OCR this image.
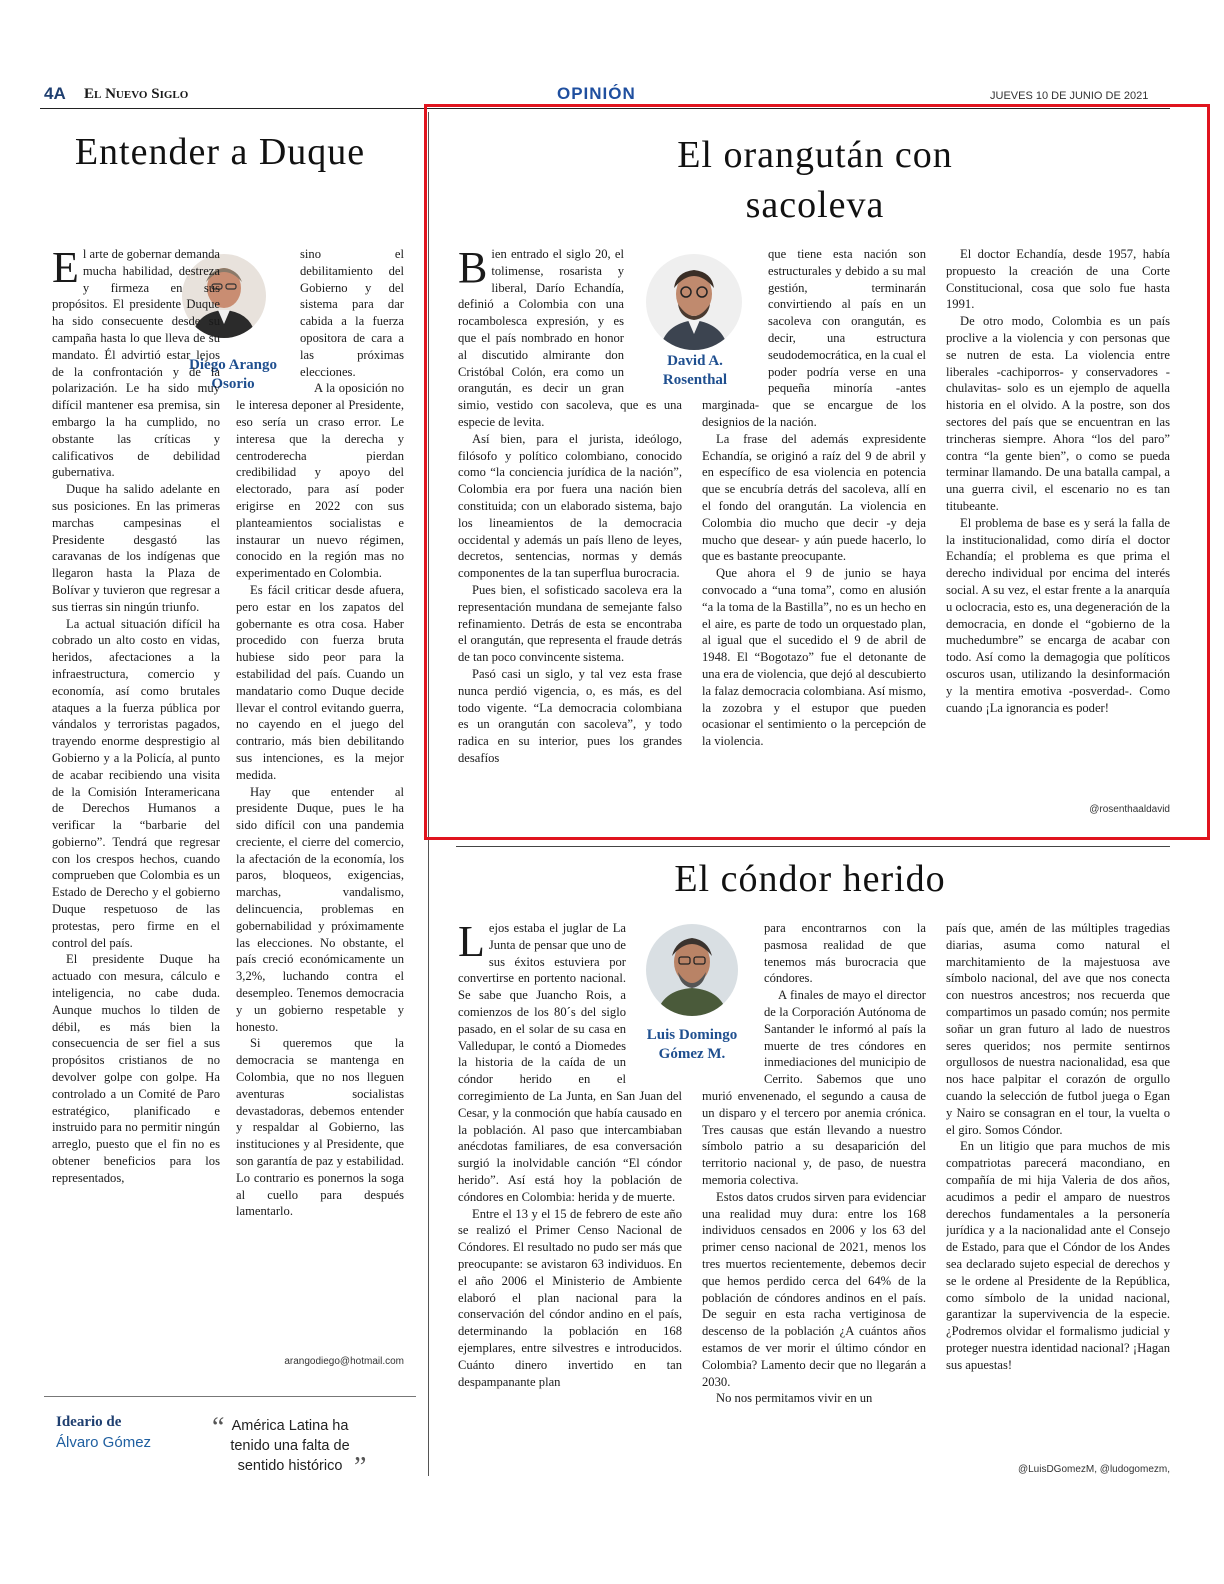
4A El Nuevo Siglo	OPINIÓN	JUEVES 10 DE JUNIO DE 2021
Entender a Duque
Diego Arango Osorio

El arte de gobernar demanda mucha habilidad, destreza y firmeza en sus propósitos. El presidente Duque ha sido consecuente desde su campaña hasta lo que lleva de su mandato. Él advirtió estar lejos de la confrontación y de la polarización. Le ha sido muy difícil mantener esa premisa, sin embargo la ha cumplido, no obstante las críticas y calificativos de debilidad gubernativa.

Duque ha salido adelante en sus posiciones. En las primeras marchas campesinas el Presidente desgastó las caravanas de los indígenas que llegaron hasta la Plaza de Bolívar y tuvieron que regresar a sus tierras sin ningún triunfo.

La actual situación difícil ha cobrado un alto costo en vidas, heridos, afectaciones a la infraestructura, comercio y economía, así como brutales ataques a la fuerza pública por vándalos y terroristas pagados, trayendo enorme desprestigio al Gobierno y a la Policía, al punto de acabar recibiendo una visita de la Comisión Interamericana de Derechos Humanos a verificar la “barbarie del gobierno”. Tendrá que regresar con los crespos hechos, cuando comprueben que Colombia es un Estado de Derecho y el gobierno Duque respetuoso de las protestas, pero firme en el control del país.

El presidente Duque ha actuado con mesura, cálculo e inteligencia, no cabe duda. Aunque muchos lo tilden de débil, es más bien la consecuencia de ser fiel a sus propósitos cristianos de no devolver golpe con golpe. Ha controlado a un Comité de Paro estratégico, planificado e instruido para no permitir ningún arreglo, puesto que el fin no es obtener beneficios para los representados,

sino el debilitamiento del Gobierno y del sistema para dar cabida a la fuerza opositora de cara a las próximas elecciones.

A la oposición no le interesa deponer al Presidente, eso sería un craso error. Le interesa que la derecha y centroderecha pierdan credibilidad y apoyo del electorado, para así poder erigirse en 2022 con sus planteamientos socialistas e instaurar un nuevo régimen, conocido en la región mas no experimentado en Colombia.

Es fácil criticar desde afuera, pero estar en los zapatos del gobernante es otra cosa. Haber procedido con fuerza bruta hubiese sido peor para la estabilidad del país. Cuando un mandatario como Duque decide llevar el control evitando guerra, no cayendo en el juego del contrario, más bien debilitando sus intenciones, es la mejor medida.

Hay que entender al presidente Duque, pues le ha sido difícil con una pandemia creciente, el cierre del comercio, la afectación de la economía, los paros, bloqueos, exigencias, marchas, vandalismo, delincuencia, problemas en gobernabilidad y próximamente las elecciones. No obstante, el país creció económicamente un 3,2%, luchando contra el desempleo. Tenemos democracia y un gobierno respetable y honesto.

Si queremos que la democracia se mantenga en Colombia, que no nos lleguen aventuras socialistas devastadoras, debemos entender y respaldar al Gobierno, las instituciones y al Presidente, que son garantía de paz y estabilidad. Lo contrario es ponernos la soga al cuello para después lamentarlo.

arangodiego@hotmail.com
Ideario de
Álvaro Gómez “ América Latina ha tenido una falta de sentido histórico ”
El orangután con sacoleva
David A. Rosenthal

Bien entrado el siglo 20, el tolimense, rosarista y liberal, Darío Echandía, definió a Colombia con una rocambolesca expresión, y es que el país nombrado en honor al discutido almirante don Cristóbal Colón, era como un orangután, es decir un gran simio, vestido con sacoleva, que es una especie de levita.

Así bien, para el jurista, ideólogo, filósofo y político colombiano, conocido como “la conciencia jurídica de la nación”, Colombia era por fuera una nación bien constituida; con un elaborado sistema, bajo los lineamientos de la democracia occidental y además un país lleno de leyes, decretos, sentencias, normas y demás componentes de la tan superflua burocracia.

Pues bien, el sofisticado sacoleva era la representación mundana de semejante falso refinamiento. Detrás de esta se encontraba el orangután, que representa el fraude detrás de tan poco convincente sistema.

Pasó casi un siglo, y tal vez esta frase nunca perdió vigencia, o, es más, es del todo vigente. “La democracia colombiana es un orangután con sacoleva”, y todo radica en su interior, pues los grandes desafíos

que tiene esta nación son estructurales y debido a su mal gestión, terminarán convirtiendo al país en un sacoleva con orangután, es decir, una estructura seudodemocrática, en la cual el poder podría verse en una pequeña minoría -antes marginada- que se encargue de los designios de la nación.

La frase del además expresidente Echandía, se originó a raíz del 9 de abril y en específico de esa violencia en potencia que se encubría detrás del sacoleva, allí en el fondo del orangután. La violencia en Colombia dio mucho que decir -y deja mucho que desear- y aún puede hacerlo, lo que es bastante preocupante.

Que ahora el 9 de junio se haya convocado a “una toma”, como en alusión “a la toma de la Bastilla”, no es un hecho en el aire, es parte de todo un orquestado plan, al igual que el sucedido el 9 de abril de 1948. El “Bogotazo” fue el detonante de una era de violencia, que dejó al descubierto la falaz democracia colombiana. Así mismo, la zozobra y el estupor que pueden ocasionar el sentimiento o la percepción de la violencia.

El doctor Echandía, desde 1957, había propuesto la creación de una Corte Constitucional, cosa que solo fue hasta 1991.

De otro modo, Colombia es un país proclive a la violencia y con personas que se nutren de esta. La violencia entre liberales -cachiporros- y conservadores -chulavitas- solo es un ejemplo de aquella historia en el olvido. A la postre, son dos sectores del país que se encuentran en las trincheras siempre. Ahora “los del paro” contra “la gente bien”, o como se pueda terminar llamando. De una batalla campal, a una guerra civil, el escenario no es tan titubeante.

El problema de base es y será la falla de la institucionalidad, como diría el doctor Echandía; el problema es que prima el derecho individual por encima del interés social. A su vez, el estar frente a la anarquía u oclocracia, esto es, una degeneración de la democracia, en donde el “gobierno de la muchedumbre” se encarga de acabar con todo. Así como la demagogia que políticos oscuros usan, utilizando la desinformación y la mentira emotiva -posverdad-. Como cuando ¡La ignorancia es poder!

@rosenthaaldavid
El cóndor herido
Luis Domingo Gómez M.

Lejos estaba el juglar de La Junta de pensar que uno de sus éxitos estuviera por convertirse en portento nacional. Se sabe que Juancho Rois, a comienzos de los 80´s del siglo pasado, en el solar de su casa en Valledupar, le contó a Diomedes la historia de la caída de un cóndor herido en el corregimiento de La Junta, en San Juan del Cesar, y la conmoción que había causado en la población. Al paso que intercambiaban anécdotas familiares, de esa conversación surgió la inolvidable canción “El cóndor herido”. Así está hoy la población de cóndores en Colombia: herida y de muerte.

Entre el 13 y el 15 de febrero de este año se realizó el Primer Censo Nacional de Cóndores. El resultado no pudo ser más que preocupante: se avistaron 63 individuos. En el año 2006 el Ministerio de Ambiente elaboró el plan nacional para la conservación del cóndor andino en el país, determinando la población en 168 ejemplares, entre silvestres e introducidos. Cuánto dinero invertido en tan despampanante plan

para encontrarnos con la pasmosa realidad de que tenemos más burocracia que cóndores.

A finales de mayo el director de la Corporación Autónoma de Santander le informó al país la muerte de tres cóndores en inmediaciones del municipio de Cerrito. Sabemos que uno murió envenenado, el segundo a causa de un disparo y el tercero por anemia crónica. Tres causas que están llevando a nuestro símbolo patrio a su desaparición del territorio nacional y, de paso, de nuestra memoria colectiva.

Estos datos crudos sirven para evidenciar una realidad muy dura: entre los 168 individuos censados en 2006 y los 63 del primer censo nacional de 2021, menos los tres muertos recientemente, debemos decir que hemos perdido cerca del 64% de la población de cóndores andinos en el país. De seguir en esta racha vertiginosa de descenso de la población ¿A cuántos años estamos de ver morir el último cóndor en Colombia? Lamento decir que no llegarán a 2030.

No nos permitamos vivir en un

país que, amén de las múltiples tragedias diarias, asuma como natural el marchitamiento de la majestuosa ave símbolo nacional, del ave que nos conecta con nuestros ancestros; nos recuerda que compartimos un pasado común; nos permite soñar un gran futuro al lado de nuestros seres queridos; nos permite sentirnos orgullosos de nuestra nacionalidad, esa que nos hace palpitar el corazón de orgullo cuando la selección de futbol juega o Egan y Nairo se consagran en el tour, la vuelta o el giro. Somos Cóndor.

En un litigio que para muchos de mis compatriotas parecerá macondiano, en compañía de mi hija Valeria de dos años, acudimos a pedir el amparo de nuestros derechos fundamentales a la personería jurídica y a la nacionalidad ante el Consejo de Estado, para que el Cóndor de los Andes sea declarado sujeto especial de derechos y se le ordene al Presidente de la República, como símbolo de la unidad nacional, garantizar la supervivencia de la especie. ¿Podremos olvidar el formalismo judicial y proteger nuestra identidad nacional? ¡Hagan sus apuestas!

@LuisDGomezM, @ludogomezm,
